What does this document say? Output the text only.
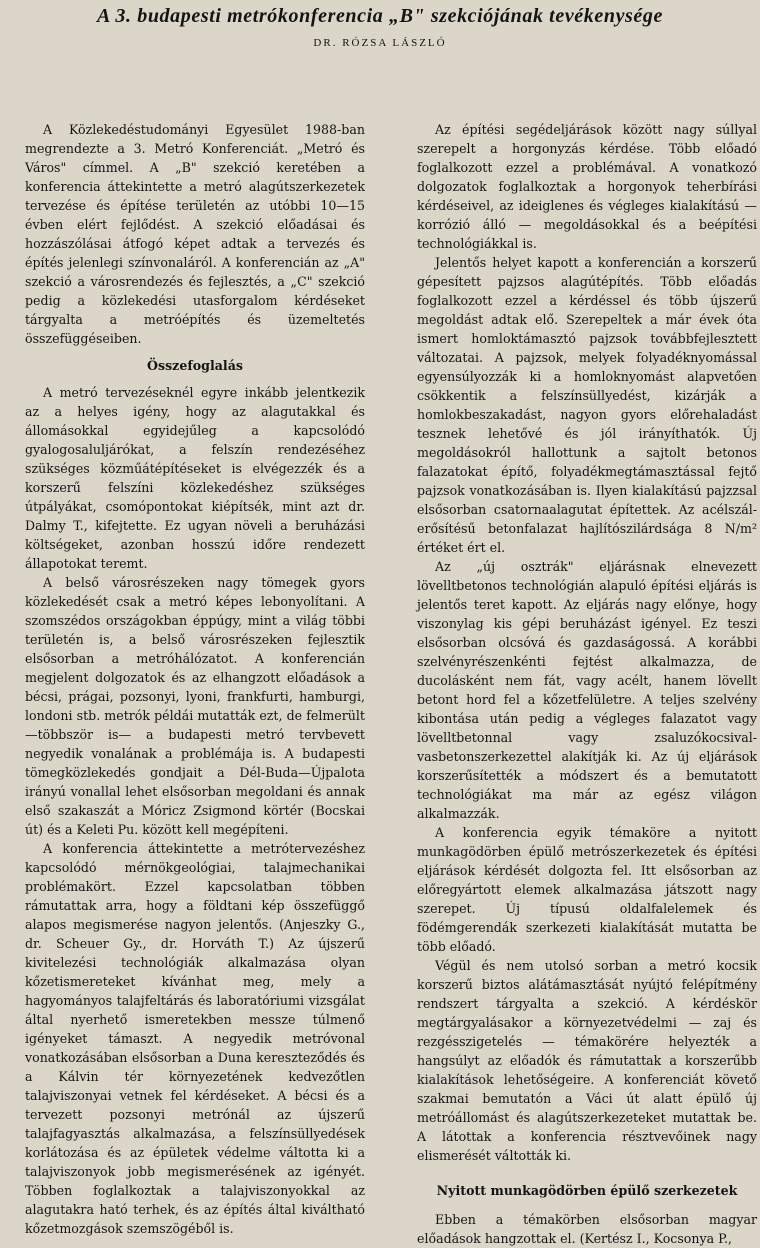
A 3. budapesti metrókonferencia „B" szekciójának tevékenysége
DR. RÓZSA LÁSZLÓ

A Közlekedéstudományi Egyesület 1988-ban megrendezte a 3. Metró Konferenciát. „Metró és Város" címmel. A „B" szekció keretében a konferencia áttekintette a metró alagútszerkezetek tervezése és építése területén az utóbbi 10—15 évben elért fejlődést. A szekció előadásai és hozzászólásai átfogó képet adtak a tervezés és építés jelenlegi színvonaláról. A konferencián az „A" szekció a városrendezés és fejlesztés, a „C" szekció pedig a közlekedési utasforgalom kérdéseket tárgyalta a metróépítés és üzemeltetés összefüggéseiben.

Összefoglalás

A metró tervezéseknél egyre inkább jelentkezik az a helyes igény, hogy az alagutakkal és állomásokkal egyidejűleg a kapcsolódó gyalogosaluljárókat, a felszín rendezéséhez szükséges közműátépítéseket is elvégezzék és a korszerű felszíni közlekedéshez szükséges útpályákat, csomópontokat kiépítsék, mint azt dr. Dalmy T., kifejtette. Ez ugyan növeli a beruházási költségeket, azonban hosszú időre rendezett állapotokat teremt.

A belső városrészeken nagy tömegek gyors közlekedését csak a metró képes lebonyolítani. A szomszédos országokban éppúgy, mint a világ többi területén is, a belső városrészeken fejlesztik elsősorban a metróhálózatot. A konferencián megjelent dolgozatok és az elhangzott előadások a bécsi, prágai, pozsonyi, lyoni, frankfurti, hamburgi, londoni stb. metrók példái mutatták ezt, de felmerült—többször is— a budapesti metró tervbevett negyedik vonalának a problémája is. A budapesti tömegközlekedés gondjait a Dél-Buda—Újpalota irányú vonallal lehet elsősorban megoldani és annak első szakaszát a Móricz Zsigmond körtér (Bocskai út) és a Keleti Pu. között kell megépíteni.

A konferencia áttekintette a metrótervezéshez kapcsolódó mérnökgeológiai, talajmechanikai problémakört. Ezzel kapcsolatban többen rámutattak arra, hogy a földtani kép összefüggő alapos megismerése nagyon jelentős. (Anjeszky G., dr. Scheuer Gy., dr. Horváth T.) Az újszerű kivitelezési technológiák alkalmazása olyan kőzetismereteket kívánhat meg, mely a hagyományos talajfeltárás és laboratóriumi vizsgálat által nyerhető ismeretekben messze túlmenő igényeket támaszt. A negyedik metróvonal vonatkozásában elsősorban a Duna kereszteződés és a Kálvin tér környezetének kedvezőtlen talajviszonyai vetnek fel kérdéseket. A bécsi és a tervezett pozsonyi metrónál az újszerű talajfagyasztás alkalmazása, a felszínsüllyedések korlátozása és az épületek védelme váltotta ki a talajviszonyok jobb megismerésének az igényét. Többen foglalkoztak a talajviszonyokkal az alagutakra ható terhek, és az építés által kiváltható kőzetmozgások szemszögéből is.

Az építési segédeljárások között nagy súllyal szerepelt a horgonyzás kérdése. Több előadó foglalkozott ezzel a problémával. A vonatkozó dolgozatok foglalkoztak a horgonyok teherbírási kérdéseivel, az ideiglenes és végleges kialakítású — korrózió álló — megoldásokkal és a beépítési technológiákkal is.

Jelentős helyet kapott a konferencián a korszerű gépesített pajzsos alagútépítés. Több előadás foglalkozott ezzel a kérdéssel és több újszerű megoldást adtak elő. Szerepeltek a már évek óta ismert homloktámasztó pajzsok továbbfejlesztett változatai. A pajzsok, melyek folyadéknyomással egyensúlyozzák ki a homloknyomást alapvetően csökkentik a felszínsüllyedést, kizárják a homlokbeszakadást, nagyon gyors előrehaladást tesznek lehetővé és jól irányíthatók. Új megoldásokról hallottunk a sajtolt betonos falazatokat építő, folyadékmegtámasztással fejtő pajzsok vonatkozásában is. Ilyen kialakítású pajzzsal elsősorban csatornaalagutat építettek. Az acélszál-erősítésű betonfalazat hajlítószilárdsága 8 N/m² értéket ért el.

Az „új osztrák" eljárásnak elnevezett lövelltbetonos technológián alapuló építési eljárás is jelentős teret kapott. Az eljárás nagy előnye, hogy viszonylag kis gépi beruházást igényel. Ez teszi elsősorban olcsóvá és gazdaságossá. A korábbi szelvényrészenkénti fejtést alkalmazza, de ducolásként nem fát, vagy acélt, hanem lövellt betont hord fel a kőzetfelületre. A teljes szelvény kibontása után pedig a végleges falazatot vagy lövelltbetonnal vagy zsaluzókocsival-vasbetonszerkezettel alakítják ki. Az új eljárások korszerűsítették a módszert és a bemutatott technológiákat ma már az egész világon alkalmazzák.

A konferencia egyik témaköre a nyitott munkagödörben épülő metrószerkezetek és építési eljárások kérdését dolgozta fel. Itt elsősorban az előregyártott elemek alkalmazása játszott nagy szerepet. Új típusú oldalfalelemek és födémgerendák szerkezeti kialakítását mutatta be több előadó.

Végül és nem utolsó sorban a metró kocsik korszerű biztos alátámasztását nyújtó felépítmény rendszert tárgyalta a szekció. A kérdéskör megtárgyalásakor a környezetvédelmi — zaj és rezgésszigetelés — témakörére helyezték a hangsúlyt az előadók és rámutattak a korszerűbb kialakítások lehetőségeire. A konferenciát követő szakmai bemutatón a Váci út alatt épülő új metróállomást és alagútszerkezeteket mutattak be. A látottak a konferencia résztvevőinek nagy elismerését váltották ki.

Nyitott munkagödörben épülő szerkezetek

Ebben a témakörben elsősorban magyar előadások hangzottak el. (Kertész I., Kocsonya P.,
